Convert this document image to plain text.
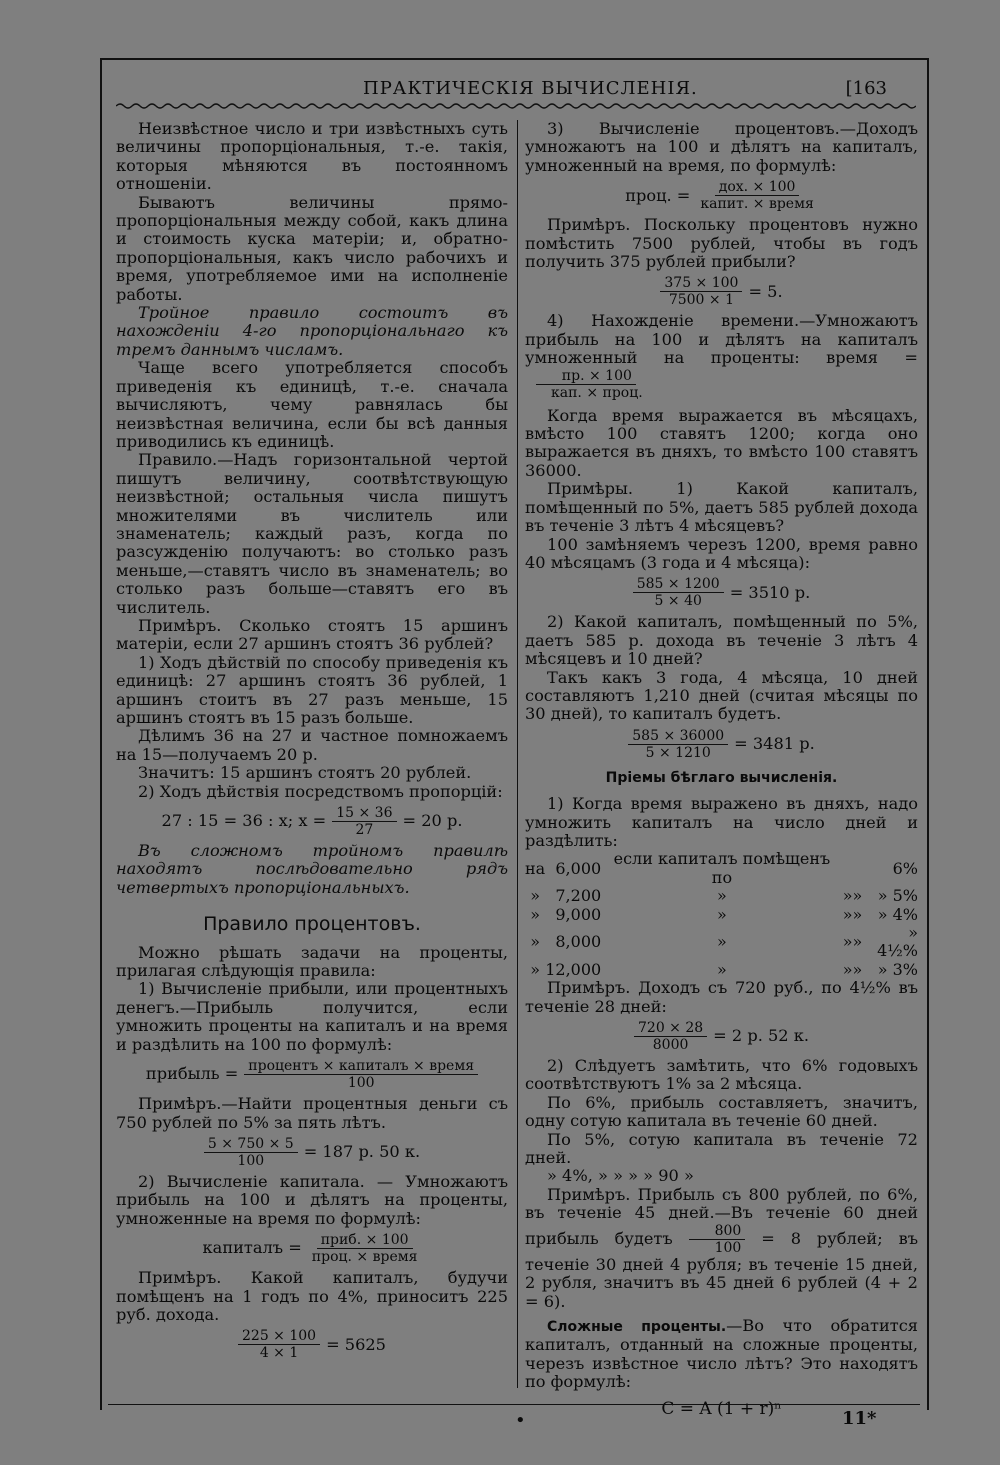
ПРАКТИЧЕСКІЯ ВЫЧИСЛЕНІЯ.	[163

Неизвѣстное число и три извѣстныхъ суть величины пропорціональныя, т.-е. такія, которыя мѣняются въ постоянномъ отношеніи.

Бываютъ величины прямо-пропорціональныя между собой, какъ длина и стоимость куска матеріи; и, обратно-пропорціональныя, какъ число рабочихъ и время, употребляемое ими на исполненіе работы.

Тройное правило состоитъ въ нахожденіи 4-го пропорціональнаго къ тремъ даннымъ числамъ.

Чаще всего употребляется способъ приведенія къ единицѣ, т.-е. сначала вычисляютъ, чему равнялась бы неизвѣстная величина, если бы всѣ данныя приводились къ единицѣ.

Правило.—Надъ горизонтальной чертой пишутъ величину, соотвѣтствующую неизвѣстной; остальныя числа пишутъ множителями въ числитель или знаменатель; каждый разъ, когда по разсужденію получаютъ: во столько разъ меньше,—ставятъ число въ знаменатель; во столько разъ больше—ставятъ его въ числитель.

Примѣръ. Сколько стоятъ 15 аршинъ матеріи, если 27 аршинъ стоятъ 36 рублей?

1) Ходъ дѣйствій по способу приведенія къ единицѣ: 27 аршинъ стоятъ 36 рублей, 1 аршинъ стоитъ въ 27 разъ меньше, 15 аршинъ стоятъ въ 15 разъ больше.

Дѣлимъ 36 на 27 и частное помножаемъ на 15—получаемъ 20 р.

Значитъ: 15 аршинъ стоятъ 20 рублей.

2) Ходъ дѣйствія посредствомъ пропорцій:

27 : 15 = 36 : x; $x = \frac{15 \times 36}{27} = 20$ р.

Въ сложномъ тройномъ правилѣ находятъ послѣдовательно рядъ четвертыхъ пропорціональныхъ.

Правило процентовъ.

Можно рѣшать задачи на проценты, прилагая слѣдующія правила:

1) Вычисленіе прибыли, или процентныхъ денегъ.—Прибыль получится, если умножить проценты на капиталъ и на время и раздѣлить на 100 по формулѣ:

прибыль = $\frac{\text{процентъ × капиталъ × время}}{100}$

Примѣръ.—Найти процентныя деньги съ 750 рублей по 5% за пять лѣтъ.

$\frac{5 \times 750 \times 5}{100} = 187$ р. 50 к.

2) Вычисленіе капитала. — Умножаютъ прибыль на 100 и дѣлятъ на проценты, умноженные на время по формулѣ:

капиталъ = $\frac{\text{приб. × 100}}{\text{проц. × время}}$

Примѣръ. Какой капиталъ, будучи помѣщенъ на 1 годъ по 4%, приноситъ 225 руб. дохода.

$\frac{225 \times 100}{4 \times 1} = 5625$

3) Вычисленіе процентовъ.—Доходъ умножаютъ на 100 и дѣлятъ на капиталъ, умноженный на время, по формулѣ:

проц. = $\frac{\text{дох. × 100}}{\text{капит. × время}}$

Примѣръ. Поскольку процентовъ нужно помѣстить 7500 рублей, чтобы въ годъ получить 375 рублей прибыли?

$\frac{375 \times 100}{7500 \times 1} = 5$.

4) Нахожденіе времени.—Умножаютъ прибыль на 100 и дѣлятъ на капиталъ умноженный на проценты: время =
$\frac{пр. \times 100}{\text{кап. × проц.}}$

Когда время выражается въ мѣсяцахъ, вмѣсто 100 ставятъ 1200; когда оно выражается въ дняхъ, то вмѣсто 100 ставятъ 36000.

Примѣры. 1) Какой капиталъ, помѣщенный по 5%, даетъ 585 рублей дохода въ теченіе 3 лѣтъ 4 мѣсяцевъ?

100 замѣняемъ черезъ 1200, время равно 40 мѣсяцамъ (3 года и 4 мѣсяца):

$\frac{585 \times 1200}{5 \times 40} = 3510$ р.

2) Какой капиталъ, помѣщенный по 5%, даетъ 585 р. дохода въ теченіе 3 лѣтъ 4 мѣсяцевъ и 10 дней?

Такъ какъ 3 года, 4 мѣсяца, 10 дней составляютъ 1,210 дней (считая мѣсяцы по 30 дней), то капиталъ будетъ.

$\frac{585 \times 36000}{5 \times 1210} = 3481$ р.
Пріемы бѣглаго вычисленія.

1) Когда время выражено въ дняхъ, надо умножить капиталъ на число дней и раздѣлить:

на	6,000	если капиталъ помѣщенъ по			6%
»	7,200	»	»	»	» 5%
»	9,000	»	»	»	» 4%
»	8,000	»	»	»	» 4½%
»	12,000	»	»	»	» 3%

Примѣръ. Доходъ съ 720 руб., по 4½% въ теченіе 28 дней:

$\frac{720 \times 28}{8000} = 2$ р. 52 к.

2) Слѣдуетъ замѣтить, что 6% годовыхъ соотвѣтствуютъ 1% за 2 мѣсяца.

По 6%, прибыль составляетъ, значитъ, одну сотую капитала въ теченіе 60 дней.

По 5%, сотую капитала въ теченіе 72 дней.

» 4%, » » » » 90 »

Примѣръ. Прибыль съ 800 рублей, по 6%, въ теченіе 45 дней.—Въ теченіе 60 дней прибыль будетъ $\frac{800}{100} = 8$ рублей; въ теченіе 30 дней 4 рубля; въ теченіе 15 дней, 2 рубля, значитъ въ 45 дней 6 рублей (4 + 2 = 6).

Сложные проценты.—Во что обратится капиталъ, отданный на сложные проценты, черезъ извѣстное число лѣтъ? Это находятъ по формулѣ:

C = A (1 + r)ⁿ
•	11*
